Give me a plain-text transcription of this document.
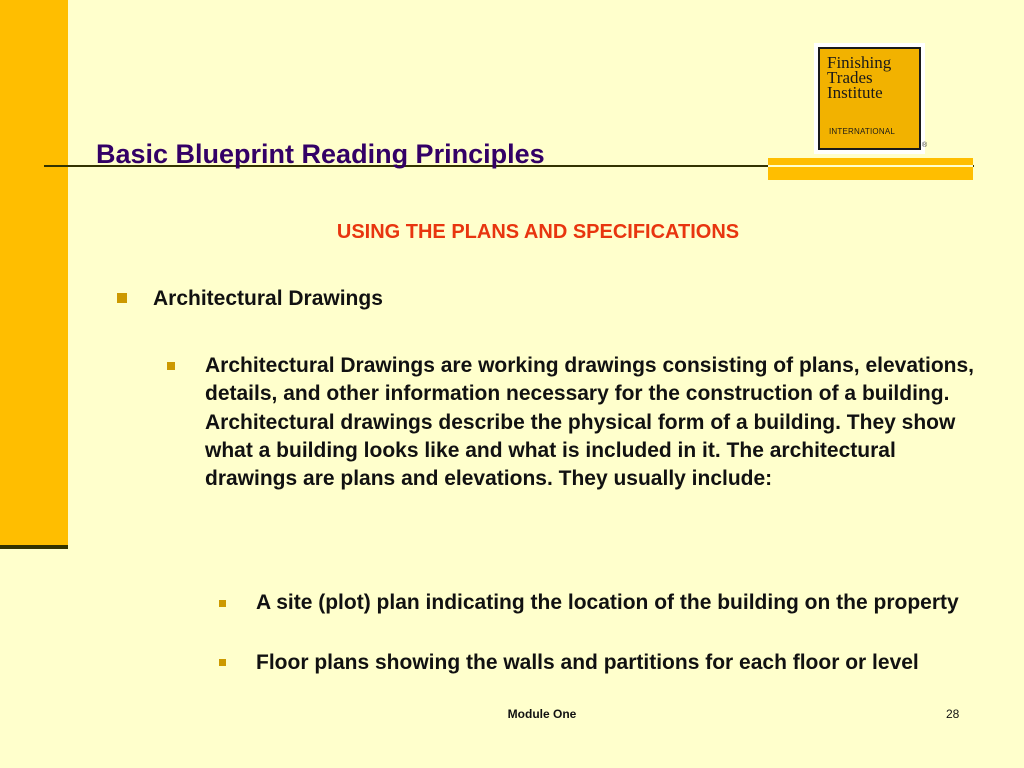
Finishing
Trades
Institute
INTERNATIONAL
®
Basic Blueprint Reading Principles
USING THE PLANS AND SPECIFICATIONS
Architectural Drawings
Architectural Drawings are working drawings consisting of plans, elevations, details, and other information necessary for the construction of a building. Architectural drawings describe the physical form of a building. They show what a building looks like and what is included in it. The architectural drawings are plans and elevations. They usually include:
A site (plot) plan indicating the location of the building on the property
Floor plans showing the walls and partitions for each floor or level
Module One	28
